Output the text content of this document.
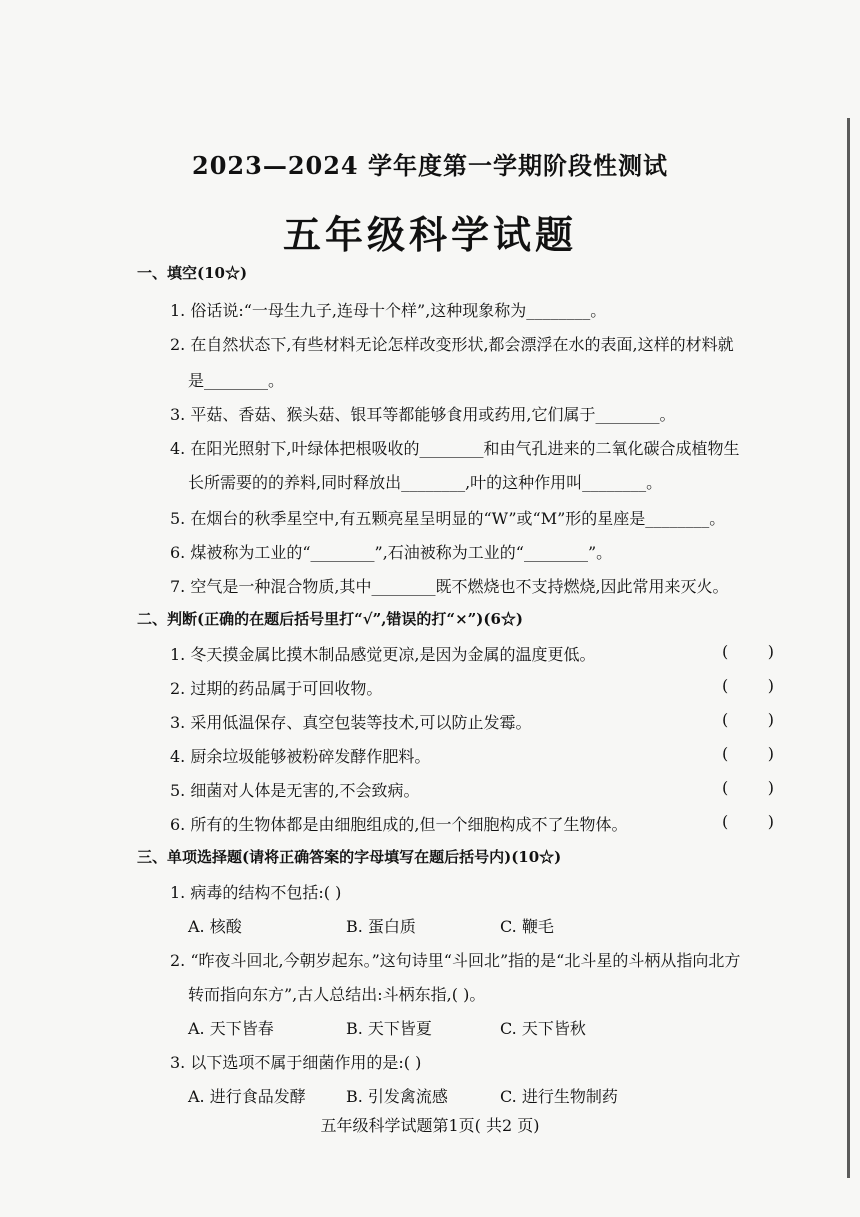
2023—2024 学年度第一学期阶段性测试
五年级科学试题
一、填空(10☆)
1. 俗话说:“一母生九子,连母十个样”,这种现象称为________。
2. 在自然状态下,有些材料无论怎样改变形状,都会漂浮在水的表面,这样的材料就
是________。
3. 平菇、香菇、猴头菇、银耳等都能够食用或药用,它们属于________。
4. 在阳光照射下,叶绿体把根吸收的________和由气孔进来的二氧化碳合成植物生
长所需要的的养料,同时释放出________,叶的这种作用叫________。
5. 在烟台的秋季星空中,有五颗亮星呈明显的“W”或“M”形的星座是________。
6. 煤被称为工业的“________”,石油被称为工业的“________”。
7. 空气是一种混合物质,其中________既不燃烧也不支持燃烧,因此常用来灭火。
二、判断(正确的在题后括号里打“√”,错误的打“×”)(6☆)
1. 冬天摸金属比摸木制品感觉更凉,是因为金属的温度更低。	( )
2. 过期的药品属于可回收物。	( )
3. 采用低温保存、真空包装等技术,可以防止发霉。	( )
4. 厨余垃圾能够被粉碎发酵作肥料。	( )
5. 细菌对人体是无害的,不会致病。	( )
6. 所有的生物体都是由细胞组成的,但一个细胞构成不了生物体。	( )
三、单项选择题(请将正确答案的字母填写在题后括号内)(10☆)
1. 病毒的结构不包括:( )
A. 核酸	B. 蛋白质	C. 鞭毛
2. “昨夜斗回北,今朝岁起东。”这句诗里“斗回北”指的是“北斗星的斗柄从指向北方
转而指向东方”,古人总结出:斗柄东指,( )。
A. 天下皆春	B. 天下皆夏	C. 天下皆秋
3. 以下选项不属于细菌作用的是:( )
A. 进行食品发酵	B. 引发禽流感	C. 进行生物制药
五年级科学试题第1页( 共2 页)
